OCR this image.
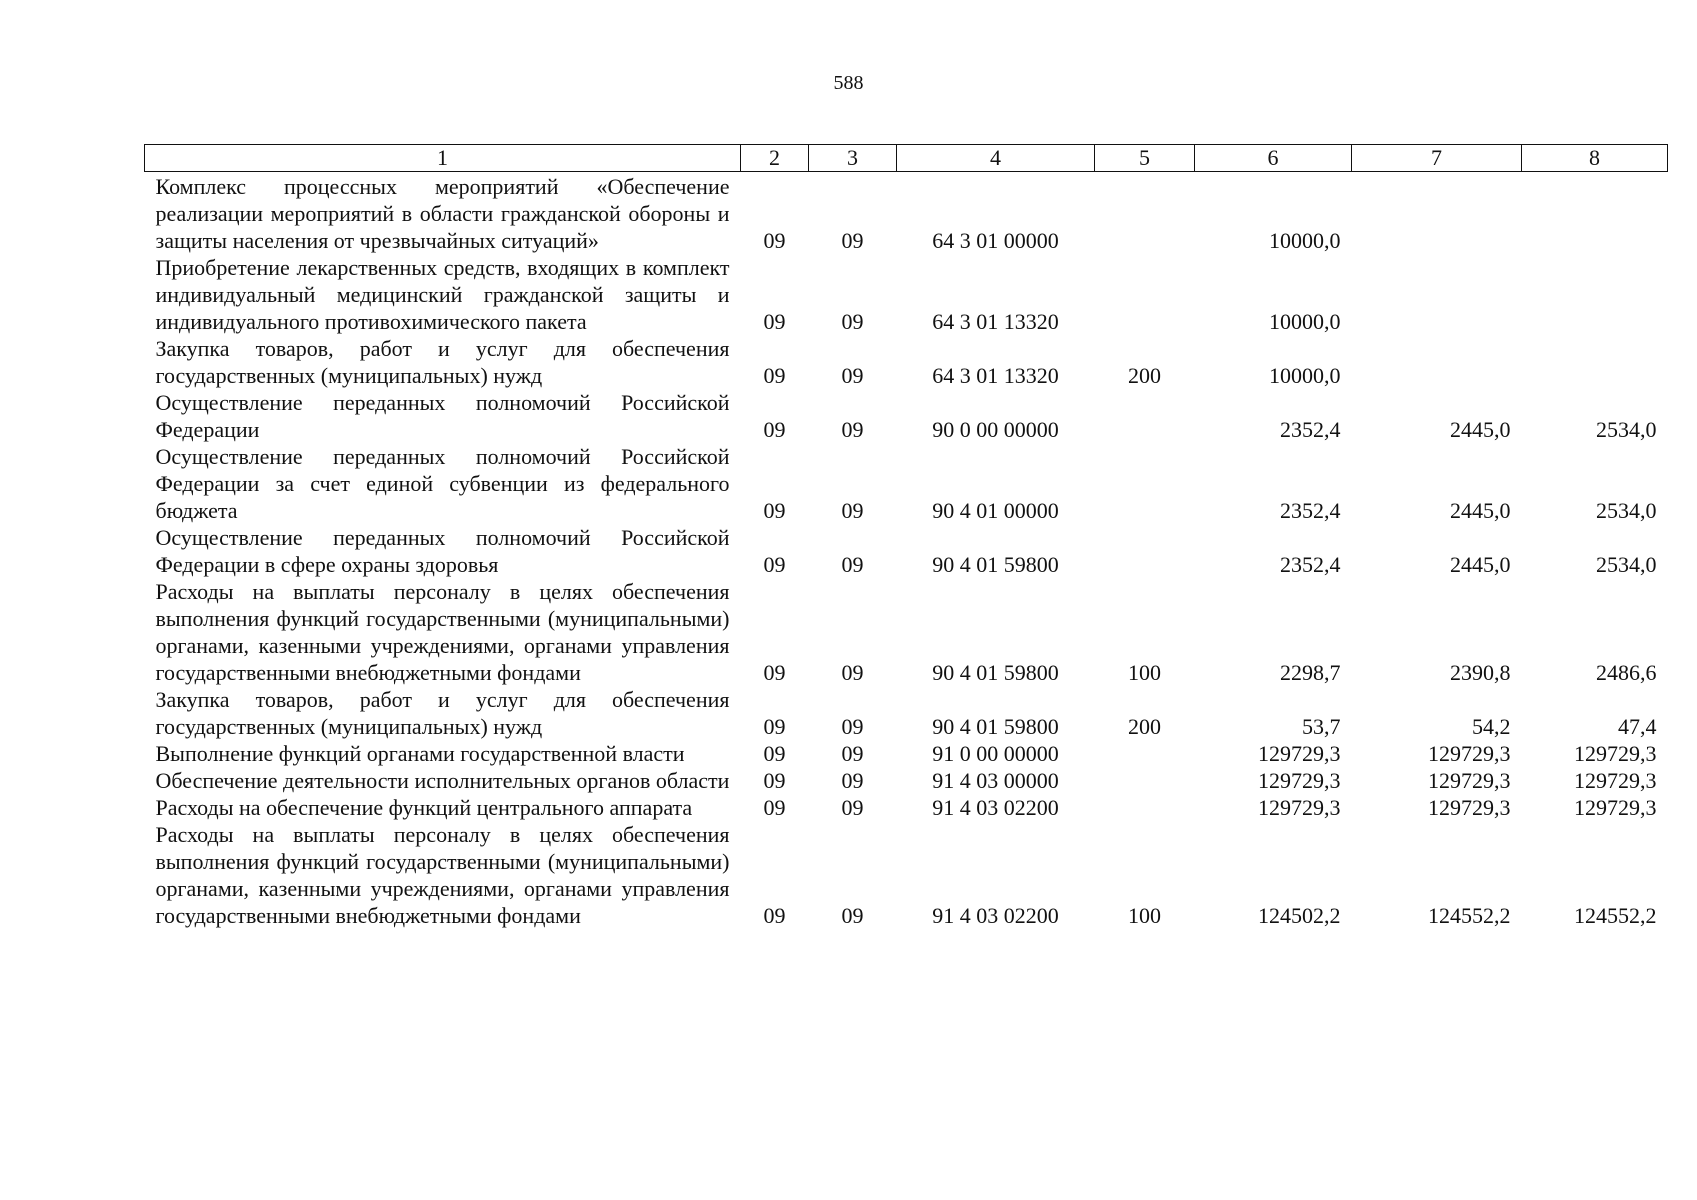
588
1	2	3	4	5	6	7	8
Комплекс процессных мероприятий «Обеспечение реализации мероприятий в области гражданской обороны и защиты населения от чрезвычайных ситуаций»	09	09	64 3 01 00000		10000,0		
Приобретение лекарственных средств, входящих в комплект индивидуальный медицинский гражданской защиты и индивидуального противохимического пакета	09	09	64 3 01 13320		10000,0		
Закупка товаров, работ и услуг для обеспечения государственных (муниципальных) нужд	09	09	64 3 01 13320	200	10000,0		
Осуществление переданных полномочий Российской Федерации	09	09	90 0 00 00000		2352,4	2445,0	2534,0
Осуществление переданных полномочий Российской Федерации за счет единой субвенции из федерального бюджета	09	09	90 4 01 00000		2352,4	2445,0	2534,0
Осуществление переданных полномочий Российской Федерации в сфере охраны здоровья	09	09	90 4 01 59800		2352,4	2445,0	2534,0
Расходы на выплаты персоналу в целях обеспечения выполнения функций государственными (муниципальными) органами, казенными учреждениями, органами управления государственными внебюджетными фондами	09	09	90 4 01 59800	100	2298,7	2390,8	2486,6
Закупка товаров, работ и услуг для обеспечения государственных (муниципальных) нужд	09	09	90 4 01 59800	200	53,7	54,2	47,4
Выполнение функций органами государственной власти	09	09	91 0 00 00000		129729,3	129729,3	129729,3
Обеспечение деятельности исполнительных органов области	09	09	91 4 03 00000		129729,3	129729,3	129729,3
Расходы на обеспечение функций центрального аппарата	09	09	91 4 03 02200		129729,3	129729,3	129729,3
Расходы на выплаты персоналу в целях обеспечения выполнения функций государственными (муниципальными) органами, казенными учреждениями, органами управления государственными внебюджетными фондами	09	09	91 4 03 02200	100	124502,2	124552,2	124552,2
